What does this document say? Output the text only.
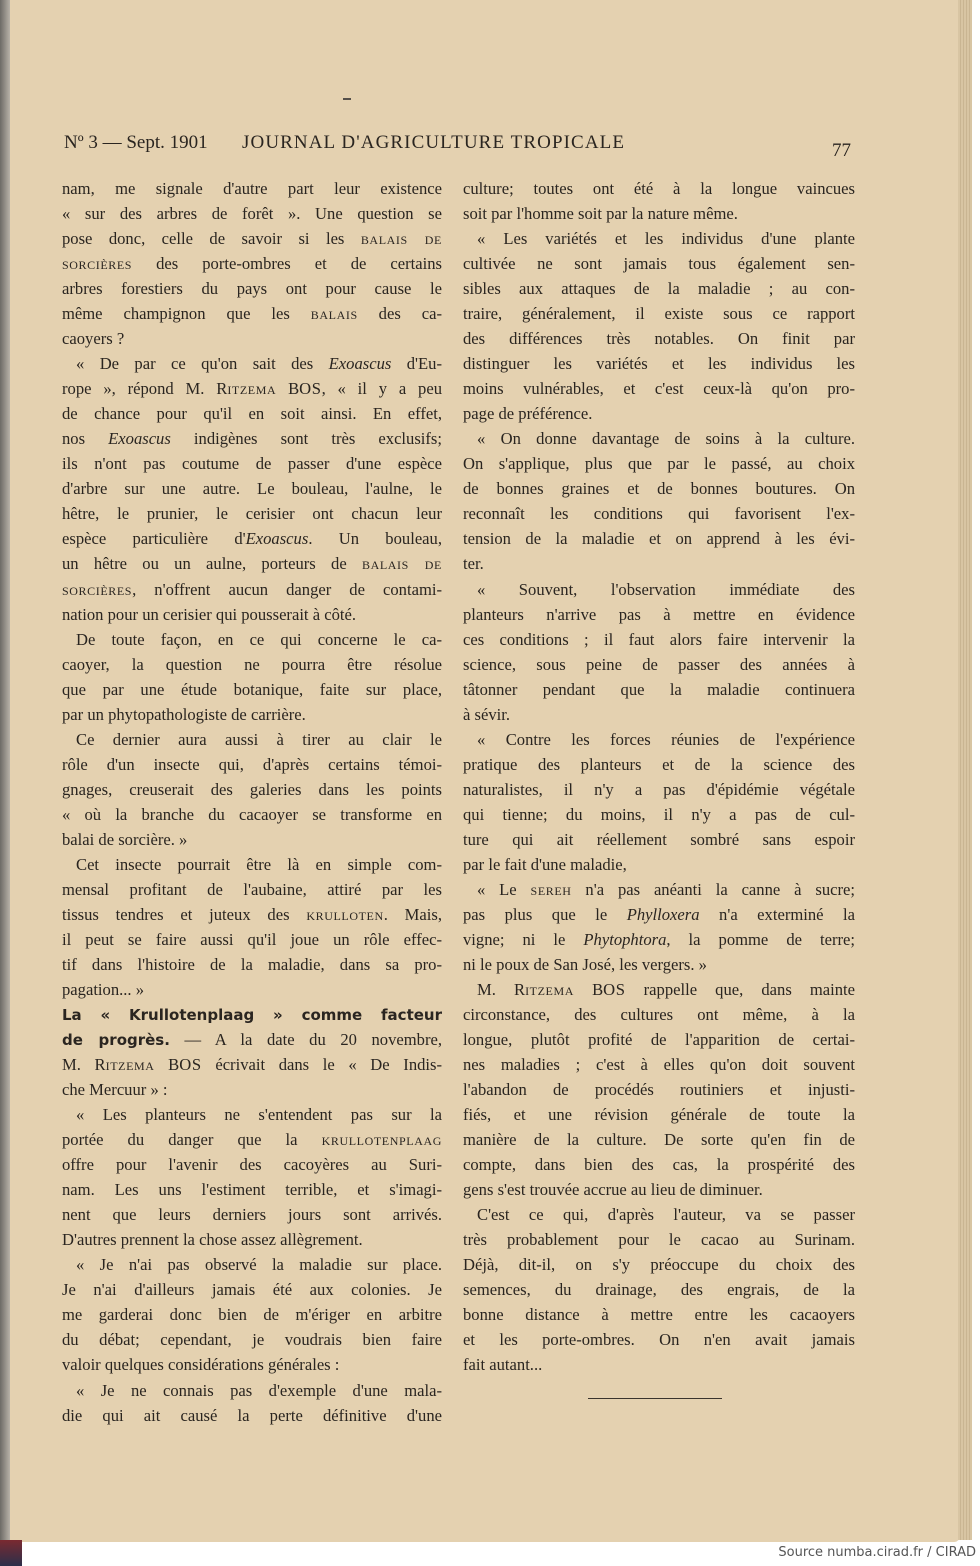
Nº 3 — Sept. 1901 JOURNAL D'AGRICULTURE TROPICALE	77
nam, me signale d'autre part leur existence
« sur des arbres de forêt ». Une question se
pose donc, celle de savoir si les balais de
sorcières des porte-ombres et de certains
arbres forestiers du pays ont pour cause le
même champignon que les balais des ca-
caoyers ?
« De par ce qu'on sait des Exoascus d'Eu-
rope », répond M. Ritzema BOS, « il y a peu
de chance pour qu'il en soit ainsi. En effet,
nos Exoascus indigènes sont très exclusifs;
ils n'ont pas coutume de passer d'une espèce
d'arbre sur une autre. Le bouleau, l'aulne, le
hêtre, le prunier, le cerisier ont chacun leur
espèce particulière d'Exoascus. Un bouleau,
un hêtre ou un aulne, porteurs de balais de
sorcières, n'offrent aucun danger de contami-
nation pour un cerisier qui pousserait à côté.
De toute façon, en ce qui concerne le ca-
caoyer, la question ne pourra être résolue
que par une étude botanique, faite sur place,
par un phytopathologiste de carrière.
Ce dernier aura aussi à tirer au clair le
rôle d'un insecte qui, d'après certains témoi-
gnages, creuserait des galeries dans les points
« où la branche du cacaoyer se transforme en
balai de sorcière. »
Cet insecte pourrait être là en simple com-
mensal profitant de l'aubaine, attiré par les
tissus tendres et juteux des krulloten. Mais,
il peut se faire aussi qu'il joue un rôle effec-
tif dans l'histoire de la maladie, dans sa pro-
pagation... »
La « Krullotenplaag » comme facteur
de progrès. — A la date du 20 novembre,
M. Ritzema BOS écrivait dans le « De Indis-
che Mercuur » :
« Les planteurs ne s'entendent pas sur la
portée du danger que la krullotenplaag
offre pour l'avenir des cacoyères au Suri-
nam. Les uns l'estiment terrible, et s'imagi-
nent que leurs derniers jours sont arrivés.
D'autres prennent la chose assez allègrement.
« Je n'ai pas observé la maladie sur place.
Je n'ai d'ailleurs jamais été aux colonies. Je
me garderai donc bien de m'ériger en arbitre
du débat; cependant, je voudrais bien faire
valoir quelques considérations générales :
« Je ne connais pas d'exemple d'une mala-
die qui ait causé la perte définitive d'une
culture; toutes ont été à la longue vaincues
soit par l'homme soit par la nature même.
« Les variétés et les individus d'une plante
cultivée ne sont jamais tous également sen-
sibles aux attaques de la maladie ; au con-
traire, généralement, il existe sous ce rapport
des différences très notables. On finit par
distinguer les variétés et les individus les
moins vulnérables, et c'est ceux-là qu'on pro-
page de préférence.
« On donne davantage de soins à la culture.
On s'applique, plus que par le passé, au choix
de bonnes graines et de bonnes boutures. On
reconnaît les conditions qui favorisent l'ex-
tension de la maladie et on apprend à les évi-
ter.
« Souvent, l'observation immédiate des
planteurs n'arrive pas à mettre en évidence
ces conditions ; il faut alors faire intervenir la
science, sous peine de passer des années à
tâtonner pendant que la maladie continuera
à sévir.
« Contre les forces réunies de l'expérience
pratique des planteurs et de la science des
naturalistes, il n'y a pas d'épidémie végétale
qui tienne; du moins, il n'y a pas de cul-
ture qui ait réellement sombré sans espoir
par le fait d'une maladie,
« Le sereh n'a pas anéanti la canne à sucre;
pas plus que le Phylloxera n'a exterminé la
vigne; ni le Phytophtora, la pomme de terre;
ni le poux de San José, les vergers. »
M. Ritzema BOS rappelle que, dans mainte
circonstance, des cultures ont même, à la
longue, plutôt profité de l'apparition de certai-
nes maladies ; c'est à elles qu'on doit souvent
l'abandon de procédés routiniers et injusti-
fiés, et une révision générale de toute la
manière de la culture. De sorte qu'en fin de
compte, dans bien des cas, la prospérité des
gens s'est trouvée accrue au lieu de diminuer.
C'est ce qui, d'après l'auteur, va se passer
très probablement pour le cacao au Surinam.
Déjà, dit-il, on s'y préoccupe du choix des
semences, du drainage, des engrais, de la
bonne distance à mettre entre les cacaoyers
et les porte-ombres. On n'en avait jamais
fait autant...
Source numba.cirad.fr / CIRAD
